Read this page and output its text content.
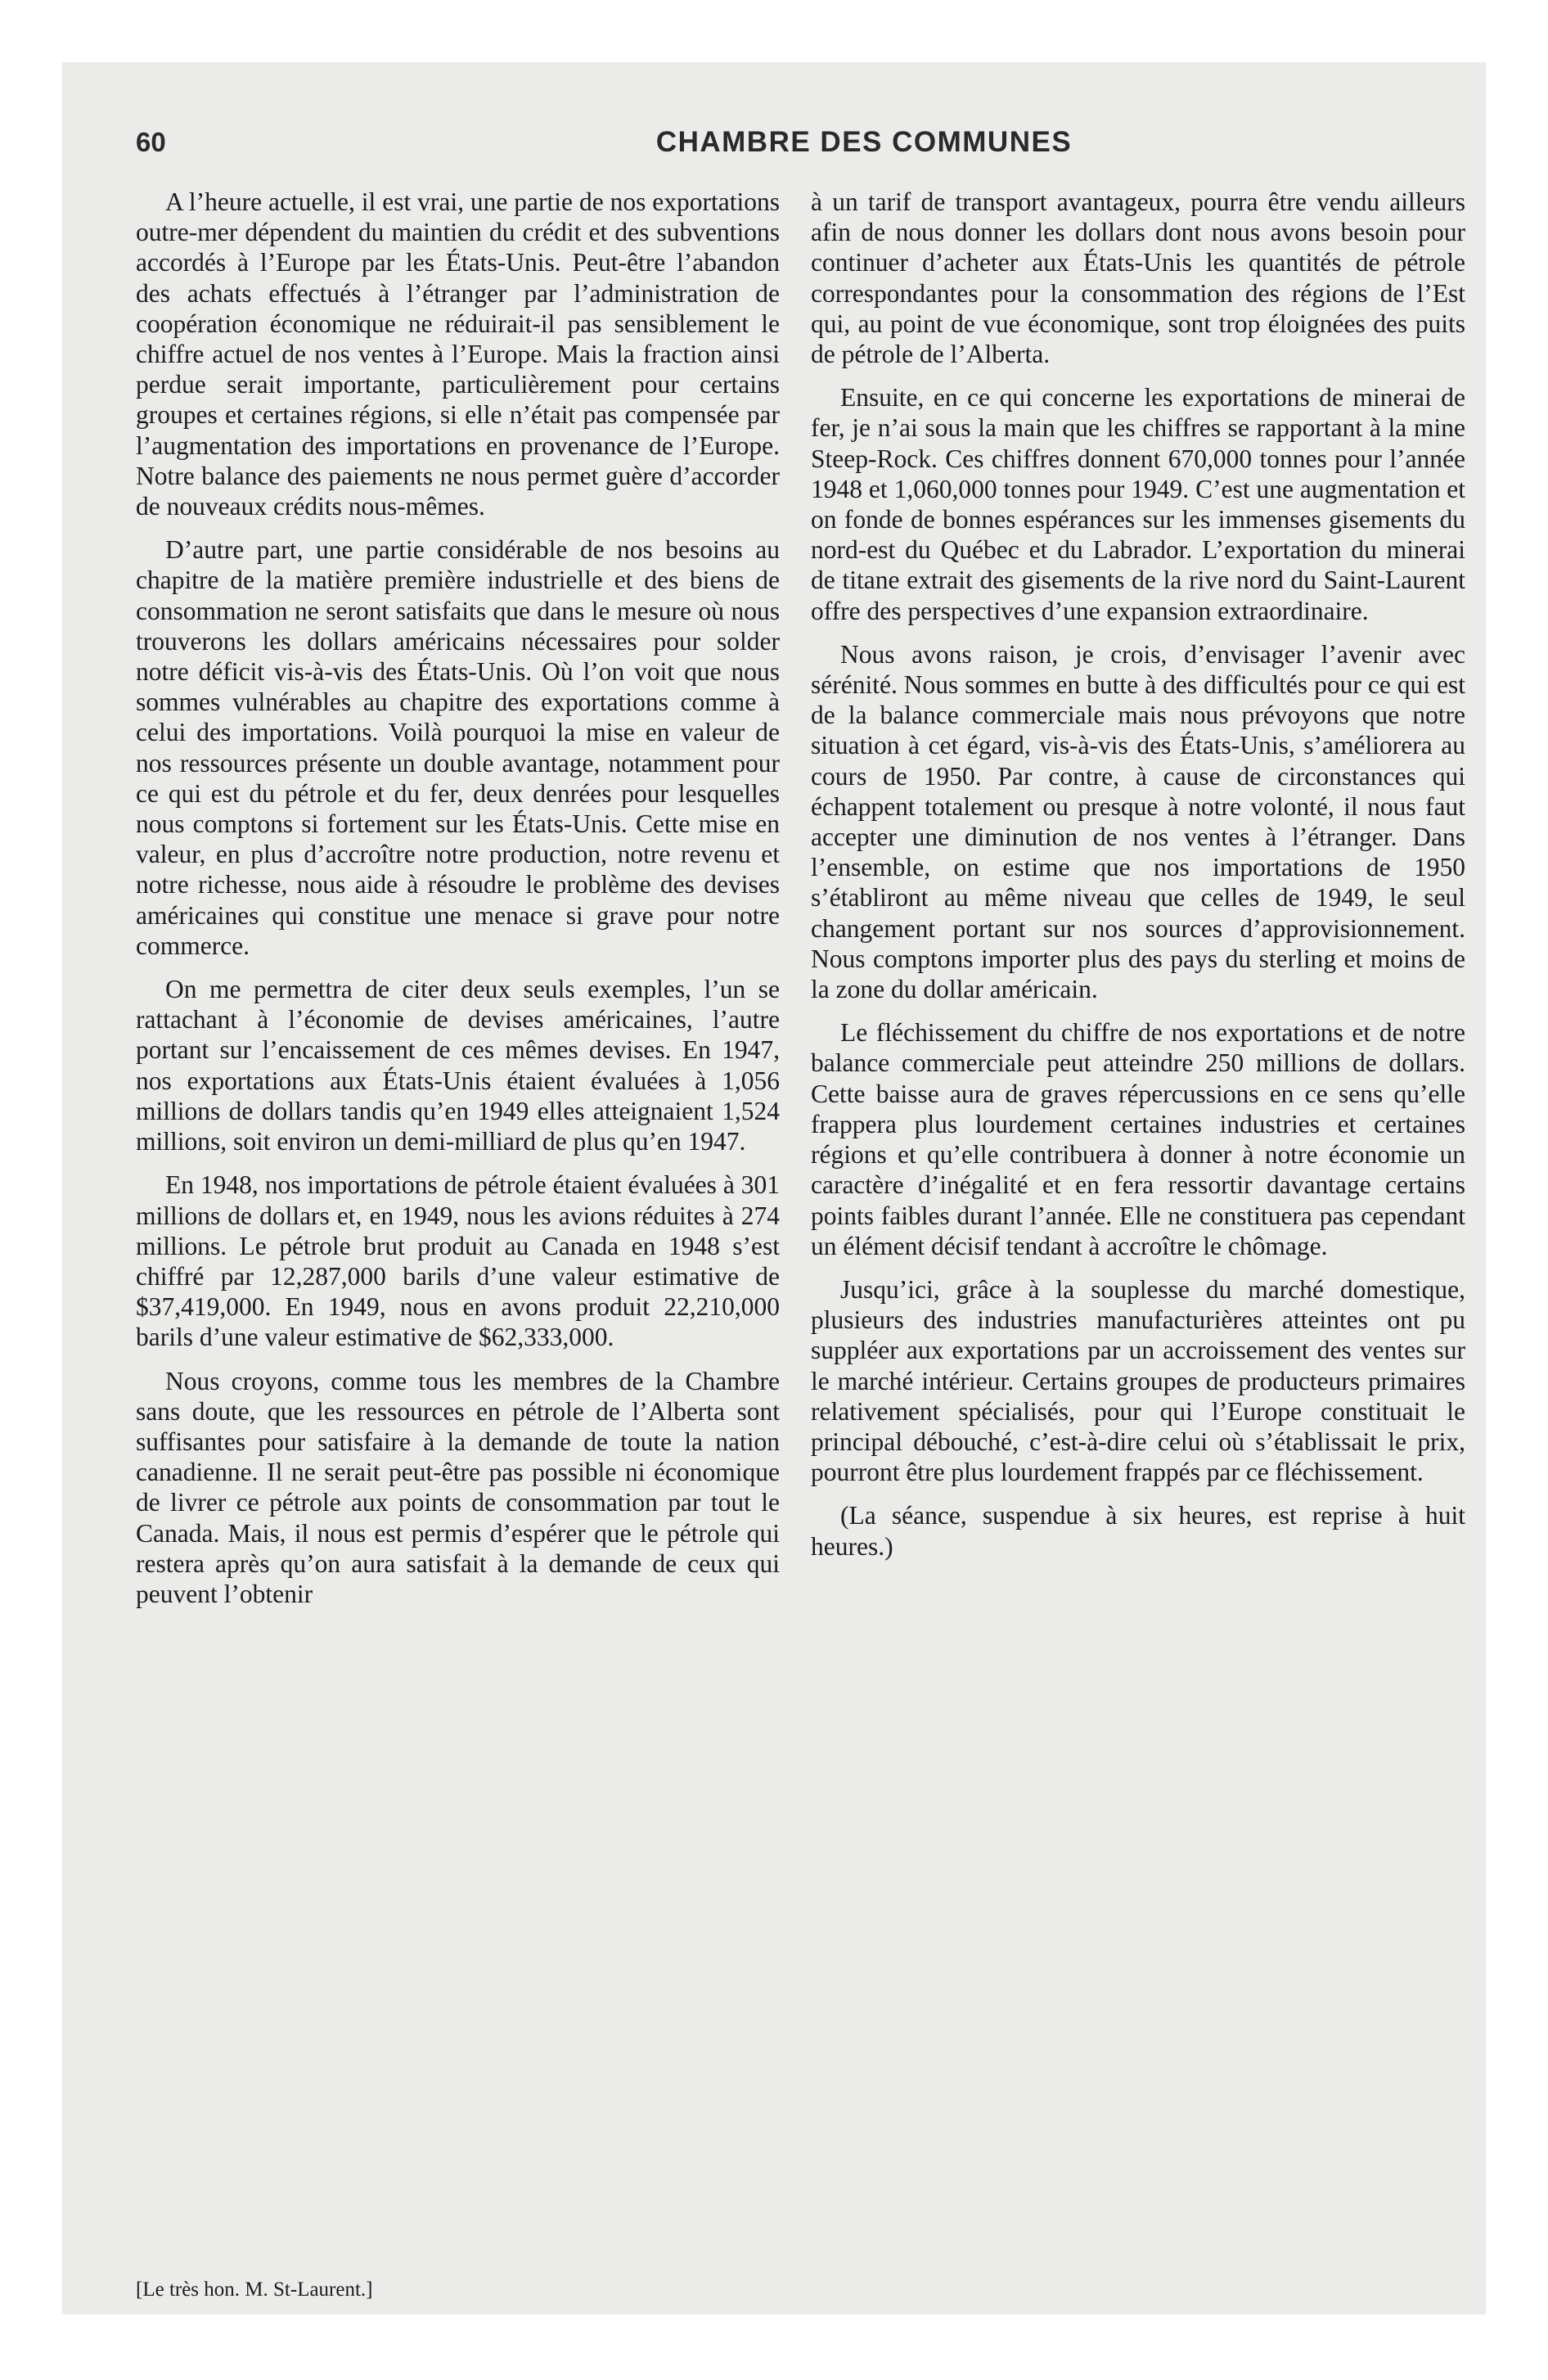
60	CHAMBRE DES COMMUNES

A l’heure actuelle, il est vrai, une partie de nos exportations outre-mer dépendent du maintien du crédit et des subventions accordés à l’Europe par les États-Unis. Peut-être l’abandon des achats effectués à l’étranger par l’administration de coopération économique ne réduirait-il pas sensiblement le chiffre actuel de nos ventes à l’Europe. Mais la fraction ainsi perdue serait importante, particulièrement pour certains groupes et certaines régions, si elle n’était pas compensée par l’augmentation des importations en provenance de l’Europe. Notre balance des paiements ne nous permet guère d’accorder de nouveaux crédits nous-mêmes.

D’autre part, une partie considérable de nos besoins au chapitre de la matière première industrielle et des biens de consommation ne seront satisfaits que dans le mesure où nous trouverons les dollars américains nécessaires pour solder notre déficit vis-à-vis des États-Unis. Où l’on voit que nous sommes vulnérables au chapitre des exportations comme à celui des importations. Voilà pourquoi la mise en valeur de nos ressources présente un double avantage, notamment pour ce qui est du pétrole et du fer, deux denrées pour lesquelles nous comptons si fortement sur les États-Unis. Cette mise en valeur, en plus d’accroître notre production, notre revenu et notre richesse, nous aide à résoudre le problème des devises américaines qui constitue une menace si grave pour notre commerce.

On me permettra de citer deux seuls exemples, l’un se rattachant à l’économie de devises américaines, l’autre portant sur l’encaissement de ces mêmes devises. En 1947, nos exportations aux États-Unis étaient évaluées à 1,056 millions de dollars tandis qu’en 1949 elles atteignaient 1,524 millions, soit environ un demi-milliard de plus qu’en 1947.

En 1948, nos importations de pétrole étaient évaluées à 301 millions de dollars et, en 1949, nous les avions réduites à 274 millions. Le pétrole brut produit au Canada en 1948 s’est chiffré par 12,287,000 barils d’une valeur estimative de $37,419,000. En 1949, nous en avons produit 22,210,000 barils d’une valeur estimative de $62,333,000.

Nous croyons, comme tous les membres de la Chambre sans doute, que les ressources en pétrole de l’Alberta sont suffisantes pour satisfaire à la demande de toute la nation canadienne. Il ne serait peut-être pas possible ni économique de livrer ce pétrole aux points de consommation par tout le Canada. Mais, il nous est permis d’espérer que le pétrole qui restera après qu’on aura satisfait à la demande de ceux qui peuvent l’obtenir

[Le très hon. M. St-Laurent.]

à un tarif de transport avantageux, pourra être vendu ailleurs afin de nous donner les dollars dont nous avons besoin pour continuer d’acheter aux États-Unis les quantités de pétrole correspondantes pour la consommation des régions de l’Est qui, au point de vue économique, sont trop éloignées des puits de pétrole de l’Alberta.

Ensuite, en ce qui concerne les exportations de minerai de fer, je n’ai sous la main que les chiffres se rapportant à la mine Steep-Rock. Ces chiffres donnent 670,000 tonnes pour l’année 1948 et 1,060,000 tonnes pour 1949. C’est une augmentation et on fonde de bonnes espérances sur les immenses gisements du nord-est du Québec et du Labrador. L’exportation du minerai de titane extrait des gisements de la rive nord du Saint-Laurent offre des perspectives d’une expansion extraordinaire.

Nous avons raison, je crois, d’envisager l’avenir avec sérénité. Nous sommes en butte à des difficultés pour ce qui est de la balance commerciale mais nous prévoyons que notre situation à cet égard, vis-à-vis des États-Unis, s’améliorera au cours de 1950. Par contre, à cause de circonstances qui échappent totalement ou presque à notre volonté, il nous faut accepter une diminution de nos ventes à l’étranger. Dans l’ensemble, on estime que nos importations de 1950 s’établiront au même niveau que celles de 1949, le seul changement portant sur nos sources d’approvisionnement. Nous comptons importer plus des pays du sterling et moins de la zone du dollar américain.

Le fléchissement du chiffre de nos exportations et de notre balance commerciale peut atteindre 250 millions de dollars. Cette baisse aura de graves répercussions en ce sens qu’elle frappera plus lourdement certaines industries et certaines régions et qu’elle contribuera à donner à notre économie un caractère d’inégalité et en fera ressortir davantage certains points faibles durant l’année. Elle ne constituera pas cependant un élément décisif tendant à accroître le chômage.

Jusqu’ici, grâce à la souplesse du marché domestique, plusieurs des industries manufacturières atteintes ont pu suppléer aux exportations par un accroissement des ventes sur le marché intérieur. Certains groupes de producteurs primaires relativement spécialisés, pour qui l’Europe constituait le principal débouché, c’est-à-dire celui où s’établissait le prix, pourront être plus lourdement frappés par ce fléchissement.

(La séance, suspendue à six heures, est reprise à huit heures.)
